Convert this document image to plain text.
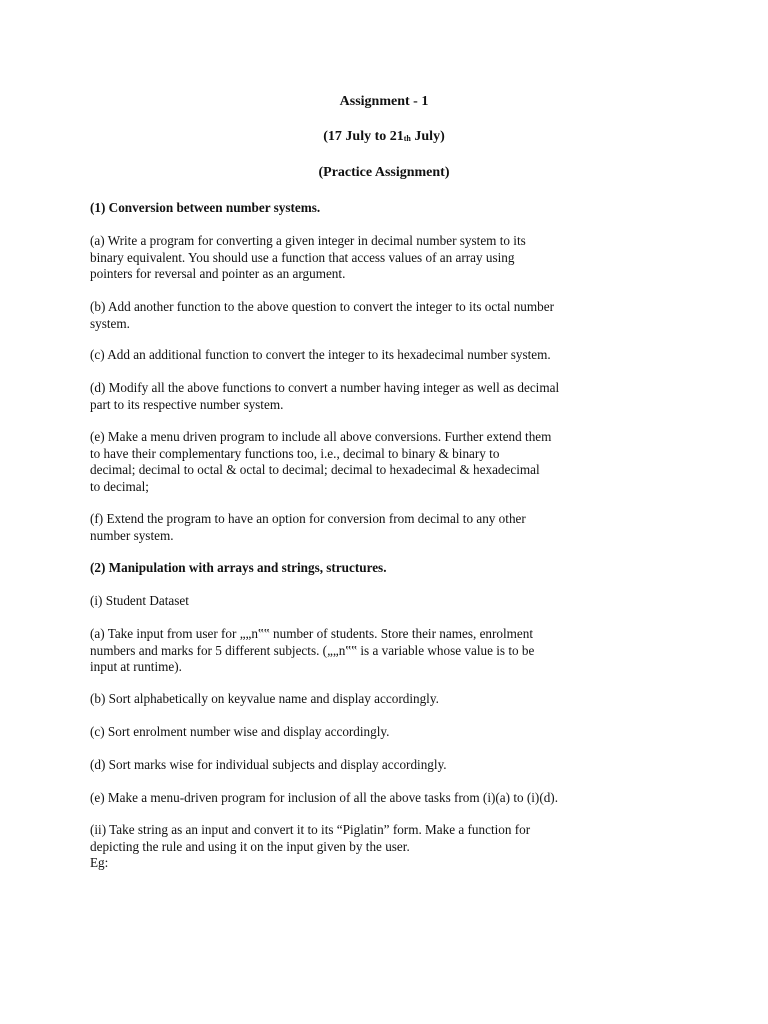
Assignment - 1
(17 July to 21th July)
(Practice Assignment)
(1) Conversion between number systems.
(a) Write a program for converting a given integer in decimal number system to its
binary equivalent. You should use a function that access values of an array using
pointers for reversal and pointer as an argument.
(b) Add another function to the above question to convert the integer to its octal number
system.
(c) Add an additional function to convert the integer to its hexadecimal number system.
(d) Modify all the above functions to convert a number having integer as well as decimal
part to its respective number system.
(e) Make a menu driven program to include all above conversions. Further extend them
to have their complementary functions too, i.e., decimal to binary & binary to
decimal; decimal to octal & octal to decimal; decimal to hexadecimal & hexadecimal
to decimal;
(f) Extend the program to have an option for conversion from decimal to any other
number system.
(2) Manipulation with arrays and strings, structures.
(i) Student Dataset
(a) Take input from user for „„n‟‟ number of students. Store their names, enrolment
numbers and marks for 5 different subjects. („„n‟‟ is a variable whose value is to be
input at runtime).
(b) Sort alphabetically on keyvalue name and display accordingly.
(c) Sort enrolment number wise and display accordingly.
(d) Sort marks wise for individual subjects and display accordingly.
(e) Make a menu-driven program for inclusion of all the above tasks from (i)(a) to (i)(d).
(ii) Take string as an input and convert it to its “Piglatin” form. Make a function for
depicting the rule and using it on the input given by the user.
Eg:
